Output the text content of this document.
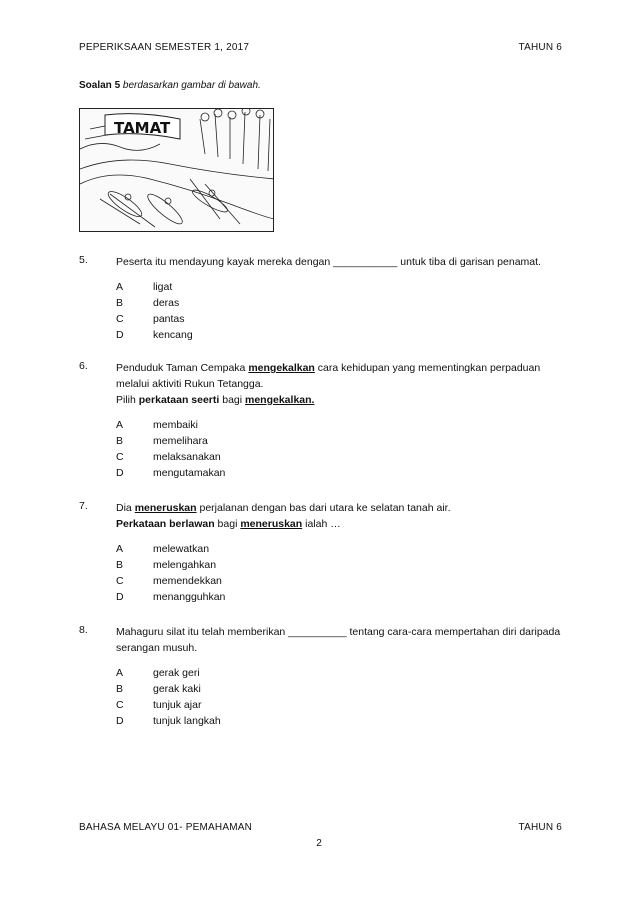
PEPERIKSAAN SEMESTER 1, 2017	TAHUN 6
Soalan 5 berdasarkan gambar di bawah.
TAMAT
5.	Peserta itu mendayung kayak mereka dengan ___________ untuk tiba di garisan penamat.
A	ligat
B	deras
C	pantas
D	kencang
6.	Penduduk Taman Cempaka mengekalkan cara kehidupan yang mementingkan perpaduan melalui aktiviti Rukun Tetangga.
Pilih perkataan seerti bagi mengekalkan.
A	membaiki
B	memelihara
C	melaksanakan
D	mengutamakan
7.	Dia meneruskan perjalanan dengan bas dari utara ke selatan tanah air.
Perkataan berlawan bagi meneruskan ialah …
A	melewatkan
B	melengahkan
C	memendekkan
D	menangguhkan
8.	Mahaguru silat itu telah memberikan __________ tentang cara-cara mempertahan diri daripada serangan musuh.
A	gerak geri
B	gerak kaki
C	tunjuk ajar
D	tunjuk langkah
BAHASA MELAYU 01- PEMAHAMAN	TAHUN 6
2
